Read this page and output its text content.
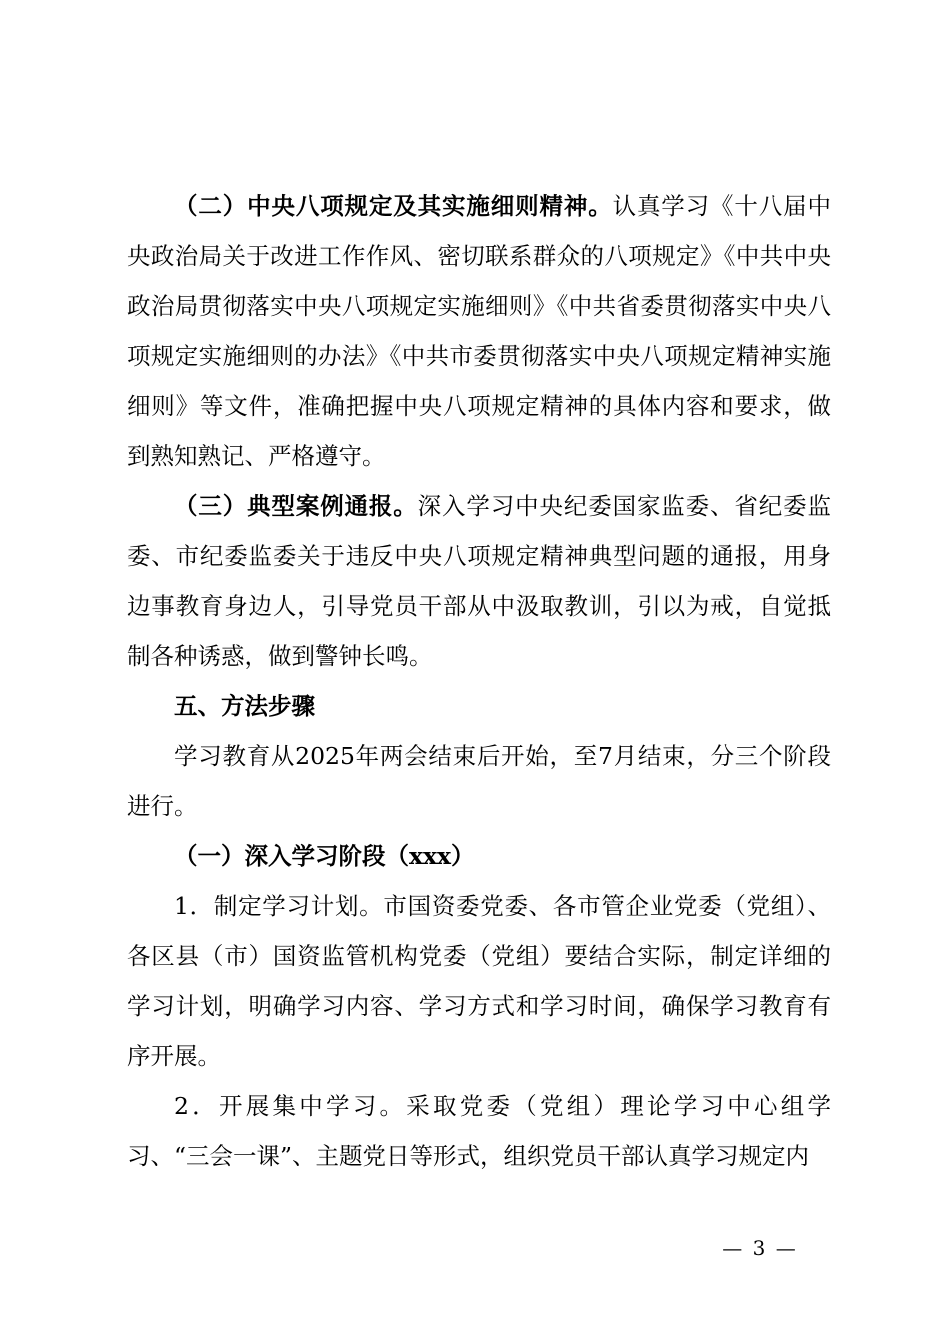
（二）中央八项规定及其实施细则精神。认真学习《十八届中央政治局关于改进工作作风、密切联系群众的八项规定》《中共中央政治局贯彻落实中央八项规定实施细则》《中共省委贯彻落实中央八项规定实施细则的办法》《中共市委贯彻落实中央八项规定精神实施细则》等文件，准确把握中央八项规定精神的具体内容和要求，做到熟知熟记、严格遵守。

（三）典型案例通报。深入学习中央纪委国家监委、省纪委监委、市纪委监委关于违反中央八项规定精神典型问题的通报，用身边事教育身边人，引导党员干部从中汲取教训，引以为戒，自觉抵制各种诱惑，做到警钟长鸣。

五、方法步骤

学习教育从2025年两会结束后开始，至7月结束，分三个阶段进行。

（一）深入学习阶段（xxx）

1．制定学习计划。市国资委党委、各市管企业党委（党组）、各区县（市）国资监管机构党委（党组）要结合实际，制定详细的学习计划，明确学习内容、学习方式和学习时间，确保学习教育有序开展。

2．开展集中学习。采取党委（党组）理论学习中心组学习、“三会一课”、主题党日等形式，组织党员干部认真学习规定内

— 3 —
